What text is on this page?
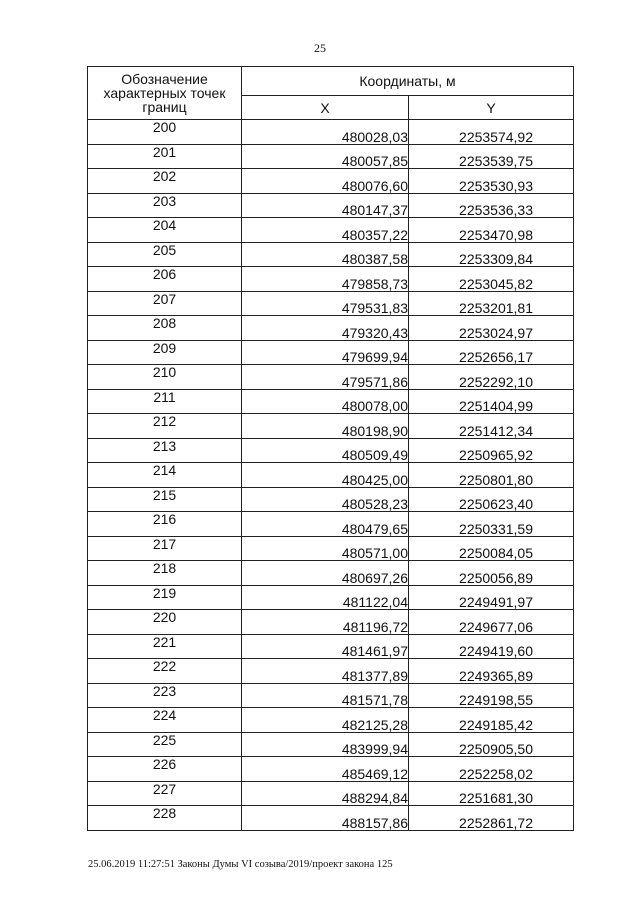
25
Обозначение характерных точек границ	Координаты, м	
	X	Y
200	480028,03	2253574,92
201	480057,85	2253539,75
202	480076,60	2253530,93
203	480147,37	2253536,33
204	480357,22	2253470,98
205	480387,58	2253309,84
206	479858,73	2253045,82
207	479531,83	2253201,81
208	479320,43	2253024,97
209	479699,94	2252656,17
210	479571,86	2252292,10
211	480078,00	2251404,99
212	480198,90	2251412,34
213	480509,49	2250965,92
214	480425,00	2250801,80
215	480528,23	2250623,40
216	480479,65	2250331,59
217	480571,00	2250084,05
218	480697,26	2250056,89
219	481122,04	2249491,97
220	481196,72	2249677,06
221	481461,97	2249419,60
222	481377,89	2249365,89
223	481571,78	2249198,55
224	482125,28	2249185,42
225	483999,94	2250905,50
226	485469,12	2252258,02
227	488294,84	2251681,30
228	488157,86	2252861,72
25.06.2019 11:27:51 Законы Думы VI созыва/2019/проект закона 125
